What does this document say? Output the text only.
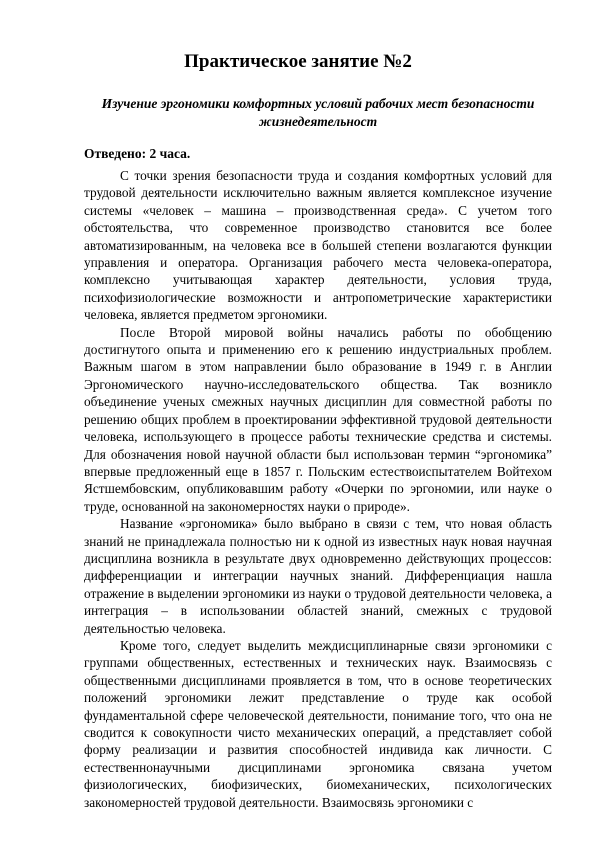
Практическое занятие №2
Изучение эргономики комфортных условий рабочих мест безопасности жизнедеятельност
Отведено: 2 часа.

С точки зрения безопасности труда и создания комфортных условий для трудовой деятельности исключительно важным является комплексное изучение системы «человек – машина – производственная среда». С учетом того обстоятельства, что современное производство становится все более автоматизированным, на человека все в большей степени возлагаются функции управления и оператора. Организация рабочего места человека-оператора, комплексно учитывающая характер деятельности, условия труда, психофизиологические возможности и антропометрические характеристики человека, является предметом эргономики.

После Второй мировой войны начались работы по обобщению достигнутого опыта и применению его к решению индустриальных проблем. Важным шагом в этом направлении было образование в 1949 г. в Англии Эргономического научно-исследовательского общества. Так возникло объединение ученых смежных научных дисциплин для совместной работы по решению общих проблем в проектировании эффективной трудовой деятельности человека, использующего в процессе работы технические средства и системы. Для обозначения новой научной области был использован термин “эргономика” впервые предложенный еще в 1857 г. Польским естествоиспытателем Войтехом Ястшембовским, опубликовавшим работу «Очерки по эргономии, или науке о труде, основанной на закономерностях науки о природе».

Название «эргономика» было выбрано в связи с тем, что новая область знаний не принадлежала полностью ни к одной из известных наук новая научная дисциплина возникла в результате двух одновременно действующих процессов: дифференциации и интеграции научных знаний. Дифференциация нашла отражение в выделении эргономики из науки о трудовой деятельности человека, а интеграция – в использовании областей знаний, смежных с трудовой деятельностью человека.

Кроме того, следует выделить междисциплинарные связи эргономики с группами общественных, естественных и технических наук. Взаимосвязь с общественными дисциплинами проявляется в том, что в основе теоретических положений эргономики лежит представление о труде как особой фундаментальной сфере человеческой деятельности, понимание того, что она не сводится к совокупности чисто механических операций, а представляет собой форму реализации и развития способностей индивида как личности. С естественнонаучными дисциплинами эргономика связана учетом физиологических, биофизических, биомеханических, психологических закономерностей трудовой деятельности. Взаимосвязь эргономики с
